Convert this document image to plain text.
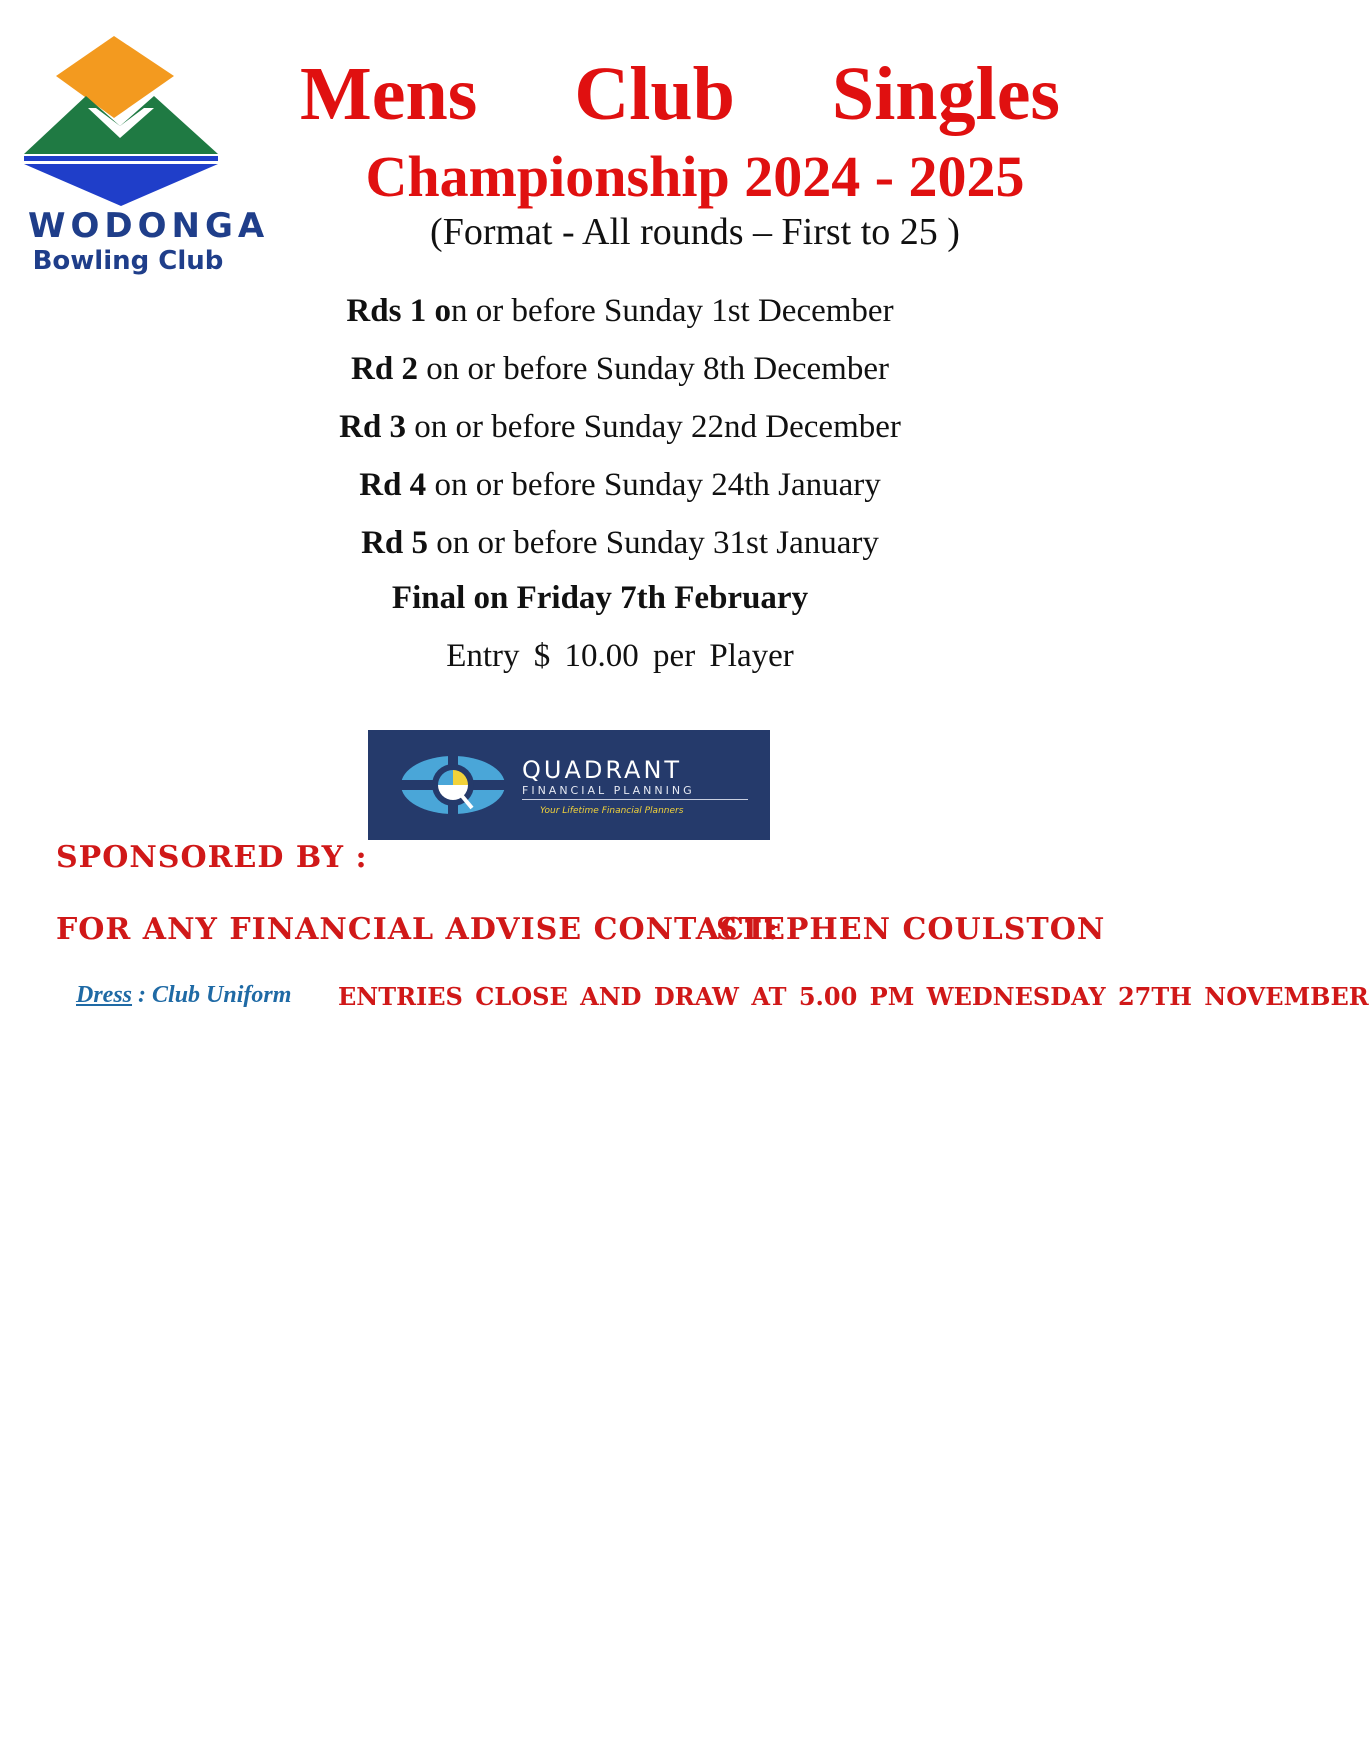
WODONGA
Bowling Club
Mens Club Singles
Championship 2024 - 2025
(Format - All rounds – First to 25 )
Rds 1 on or before Sunday 1st December
Rd 2 on or before Sunday 8th December
Rd 3 on or before Sunday 22nd December
Rd 4 on or before Sunday 24th January
Rd 5 on or before Sunday 31st January
Final on Friday 7th February
Entry $ 10.00 per Player
QUADRANT
FINANCIAL PLANNING
Your Lifetime Financial Planners
SPONSORED BY :
FOR ANY FINANCIAL ADVISE CONTACT:
STEPHEN COULSTON
Dress : Club Uniform ENTRIES CLOSE AND DRAW AT 5.00 PM WEDNESDAY 27TH NOVEMBER
